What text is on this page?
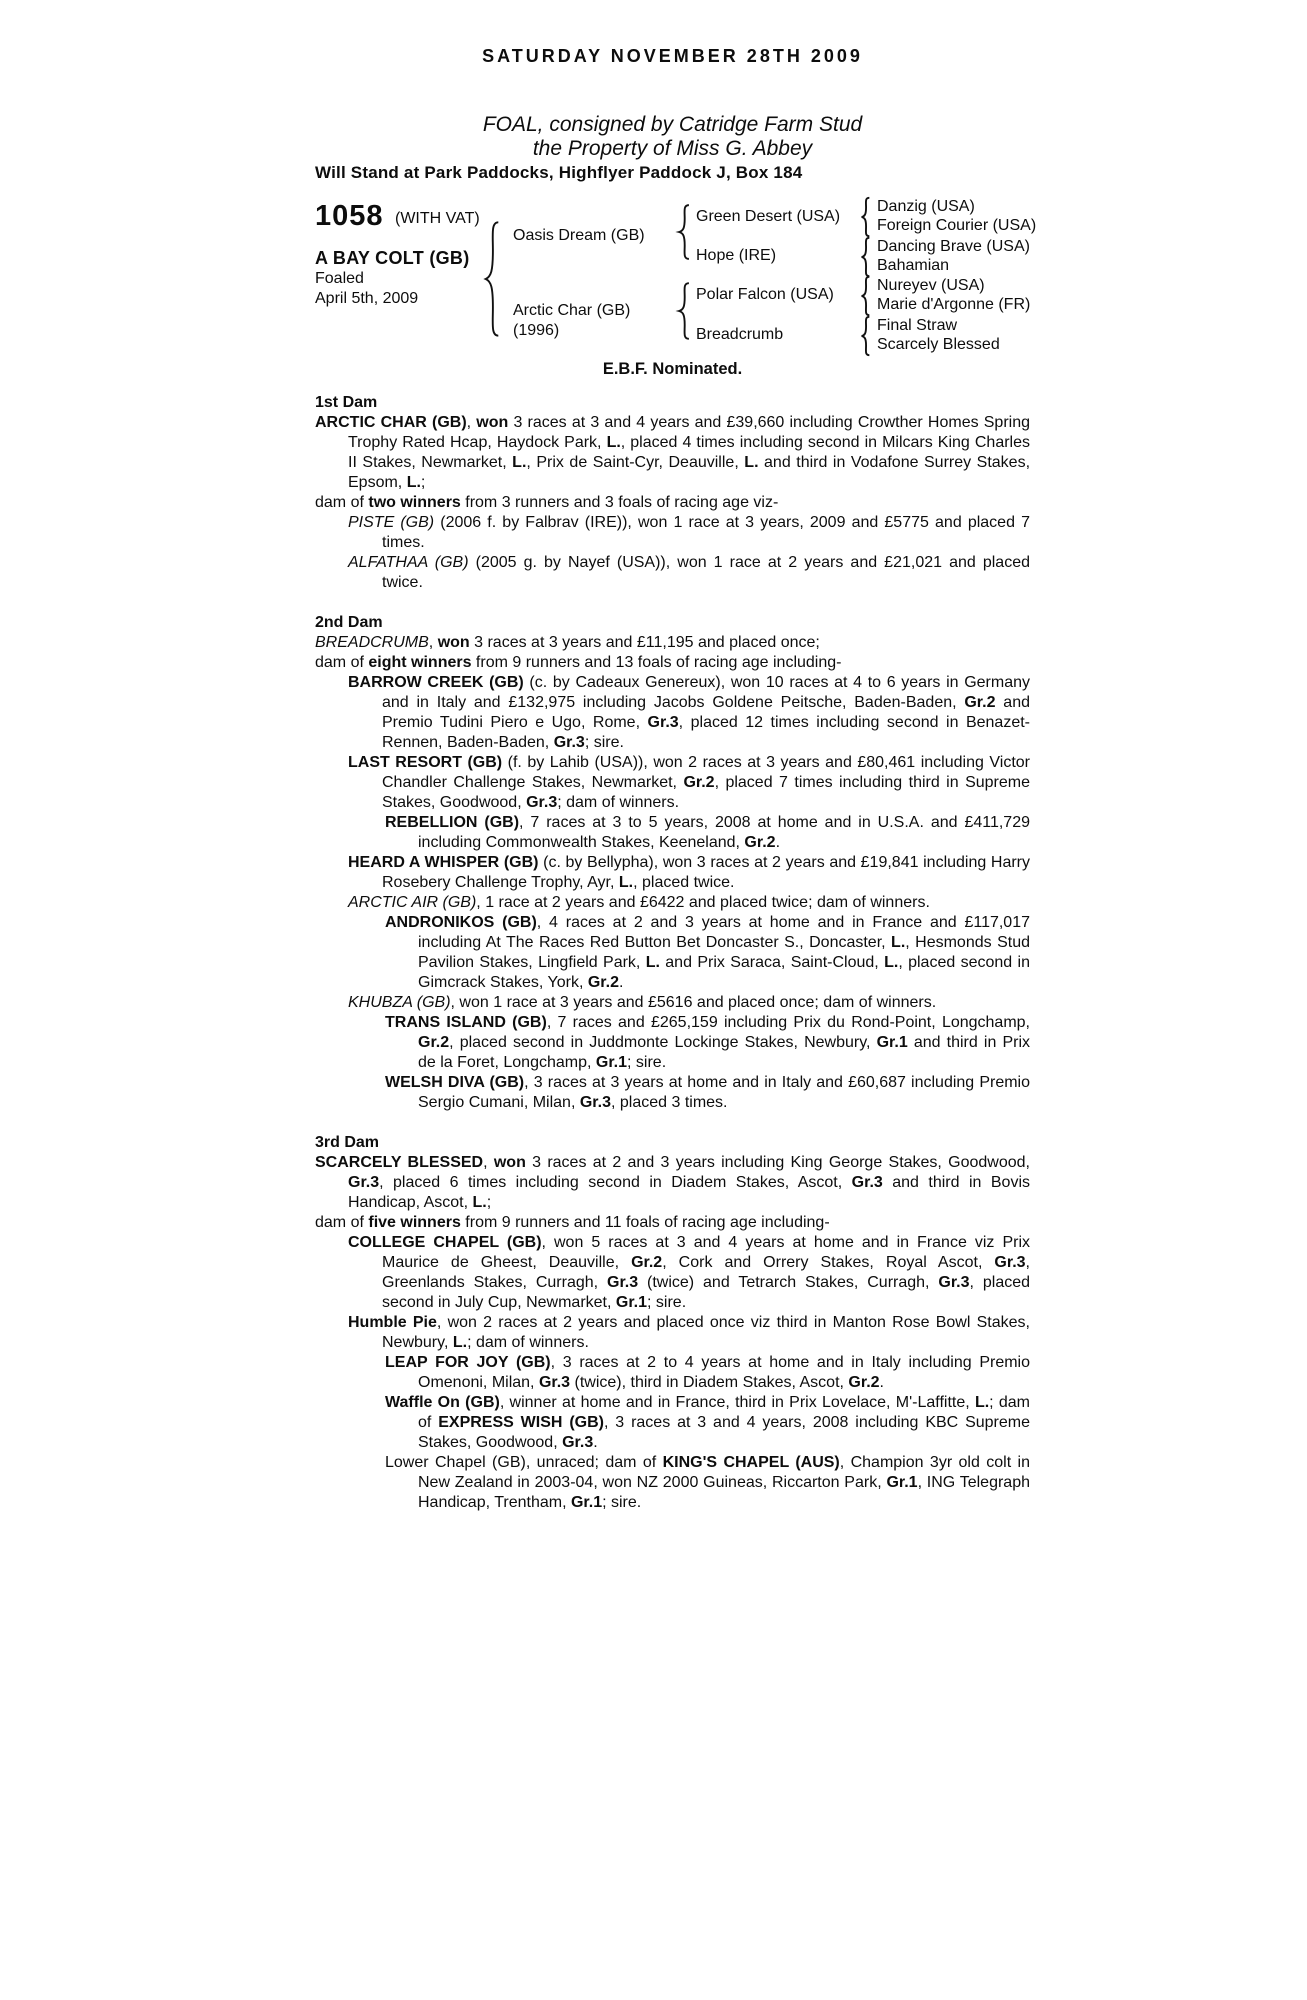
SATURDAY NOVEMBER 28TH 2009
FOAL, consigned by Catridge Farm Stud
the Property of Miss G. Abbey
Will Stand at Park Paddocks, Highflyer Paddock J, Box 184
1058 (WITH VAT)
A BAY COLT (GB)
Foaled
April 5th, 2009
Oasis Dream (GB)
Arctic Char (GB)
(1996)
Green Desert (USA)
Hope (IRE)
Polar Falcon (USA)
Breadcrumb
Danzig (USA)
Foreign Courier (USA)
Dancing Brave (USA)
Bahamian
Nureyev (USA)
Marie d'Argonne (FR)
Final Straw
Scarcely Blessed
E.B.F. Nominated.
1st Dam

ARCTIC CHAR (GB), won 3 races at 3 and 4 years and £39,660 including Crowther Homes Spring Trophy Rated Hcap, Haydock Park, L., placed 4 times including second in Milcars King Charles II Stakes, Newmarket, L., Prix de Saint-Cyr, Deauville, L. and third in Vodafone Surrey Stakes, Epsom, L.;

dam of two winners from 3 runners and 3 foals of racing age viz-

PISTE (GB) (2006 f. by Falbrav (IRE)), won 1 race at 3 years, 2009 and £5775 and placed 7 times.

ALFATHAA (GB) (2005 g. by Nayef (USA)), won 1 race at 2 years and £21,021 and placed twice.

2nd Dam

BREADCRUMB, won 3 races at 3 years and £11,195 and placed once;

dam of eight winners from 9 runners and 13 foals of racing age including-

BARROW CREEK (GB) (c. by Cadeaux Genereux), won 10 races at 4 to 6 years in Germany and in Italy and £132,975 including Jacobs Goldene Peitsche, Baden-Baden, Gr.2 and Premio Tudini Piero e Ugo, Rome, Gr.3, placed 12 times including second in Benazet-Rennen, Baden-Baden, Gr.3; sire.

LAST RESORT (GB) (f. by Lahib (USA)), won 2 races at 3 years and £80,461 including Victor Chandler Challenge Stakes, Newmarket, Gr.2, placed 7 times including third in Supreme Stakes, Goodwood, Gr.3; dam of winners.

REBELLION (GB), 7 races at 3 to 5 years, 2008 at home and in U.S.A. and £411,729 including Commonwealth Stakes, Keeneland, Gr.2.

HEARD A WHISPER (GB) (c. by Bellypha), won 3 races at 2 years and £19,841 including Harry Rosebery Challenge Trophy, Ayr, L., placed twice.

ARCTIC AIR (GB), 1 race at 2 years and £6422 and placed twice; dam of winners.

ANDRONIKOS (GB), 4 races at 2 and 3 years at home and in France and £117,017 including At The Races Red Button Bet Doncaster S., Doncaster, L., Hesmonds Stud Pavilion Stakes, Lingfield Park, L. and Prix Saraca, Saint-Cloud, L., placed second in Gimcrack Stakes, York, Gr.2.

KHUBZA (GB), won 1 race at 3 years and £5616 and placed once; dam of winners.

TRANS ISLAND (GB), 7 races and £265,159 including Prix du Rond-Point, Longchamp, Gr.2, placed second in Juddmonte Lockinge Stakes, Newbury, Gr.1 and third in Prix de la Foret, Longchamp, Gr.1; sire.

WELSH DIVA (GB), 3 races at 3 years at home and in Italy and £60,687 including Premio Sergio Cumani, Milan, Gr.3, placed 3 times.

3rd Dam

SCARCELY BLESSED, won 3 races at 2 and 3 years including King George Stakes, Goodwood, Gr.3, placed 6 times including second in Diadem Stakes, Ascot, Gr.3 and third in Bovis Handicap, Ascot, L.;

dam of five winners from 9 runners and 11 foals of racing age including-

COLLEGE CHAPEL (GB), won 5 races at 3 and 4 years at home and in France viz Prix Maurice de Gheest, Deauville, Gr.2, Cork and Orrery Stakes, Royal Ascot, Gr.3, Greenlands Stakes, Curragh, Gr.3 (twice) and Tetrarch Stakes, Curragh, Gr.3, placed second in July Cup, Newmarket, Gr.1; sire.

Humble Pie, won 2 races at 2 years and placed once viz third in Manton Rose Bowl Stakes, Newbury, L.; dam of winners.

LEAP FOR JOY (GB), 3 races at 2 to 4 years at home and in Italy including Premio Omenoni, Milan, Gr.3 (twice), third in Diadem Stakes, Ascot, Gr.2.

Waffle On (GB), winner at home and in France, third in Prix Lovelace, M'-Laffitte, L.; dam of EXPRESS WISH (GB), 3 races at 3 and 4 years, 2008 including KBC Supreme Stakes, Goodwood, Gr.3.

Lower Chapel (GB), unraced; dam of KING'S CHAPEL (AUS), Champion 3yr old colt in New Zealand in 2003-04, won NZ 2000 Guineas, Riccarton Park, Gr.1, ING Telegraph Handicap, Trentham, Gr.1; sire.
